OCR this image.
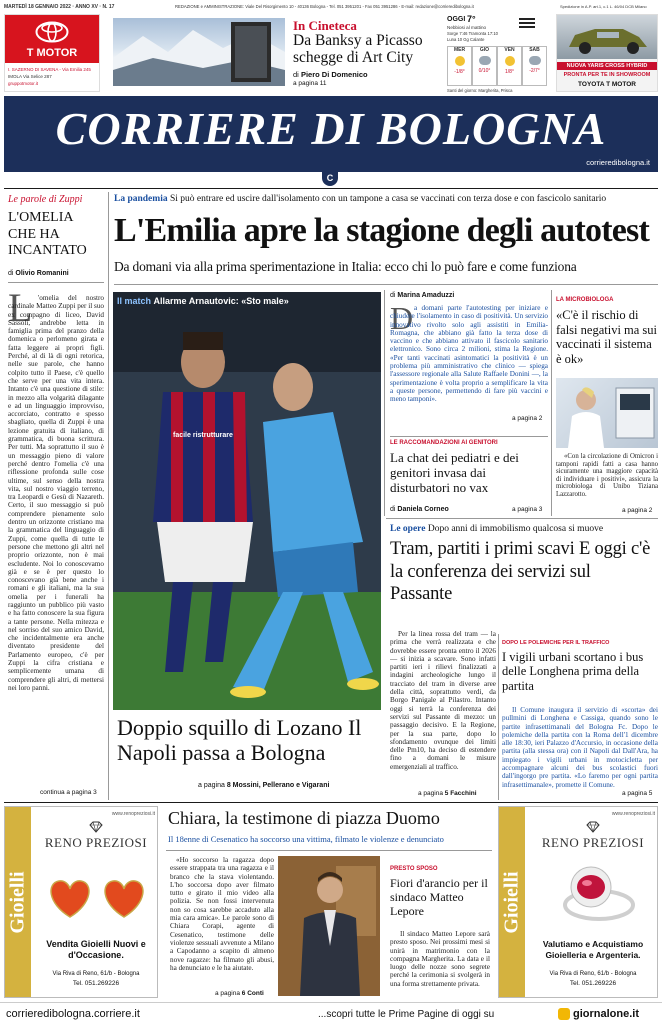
MARTEDÌ 18 GENNAIO 2022 · ANNO XV · N. 17	REDAZIONE e AMMINISTRAZIONE: Viale Del Risorgimento 10 - 40136 Bologna - Tel. 051 3951201 - Fax 051 3951286 - E-mail: redazione@corrieredibologna.it	Spedizione in A.P. art.1, c.1 L. 46/04 DCB Milano
T MOTOR
I. SAZERNO DI SAVENA - Via Emilia 245
IMOLA Via Selice 287
gruppotmotor.it
In Cineteca
Da Banksy a Picasso schegge di Art City
di Piero Di Domenico
a pagina 11
OGGI 7°
Nebbiosi al mattino
Sorge 7:46 Tramonta 17:10
Luna 10 Gg Calante
MER
-1/8°
GIO
0/10°
VEN
1/8°
SAB
-2/7°
Santi del giorno: Margherita, Prisca
NUOVA YARIS CROSS HYBRID
PRONTA PER TE IN SHOWROOM
TOYOTA T MOTOR
CORRIERE DI BOLOGNA
corrieredibologna.it
C
Le parole di Zuppi
L'OMELIA CHE HA INCANTATO
di Olivio Romanini
L 'omelia del nostro cardinale Matteo Zuppi per il suo ex compagno di liceo, David Sassoli, andrebbe letta in famiglia prima del pranzo della domenica o perlomeno girata e fatta leggere ai propri figli. Perché, al di là di ogni retorica, nelle sue parole, che hanno colpito tutto il Paese, c'è quello che serve per una vita intera. Intanto c'è una questione di stile: in mezzo alla volgarità dilagante e ad un linguaggio improvviso, accorciato, contratto e spesso sbagliato, quella di Zuppi è una lezione gratuita di italiano, di grammatica, di buona scrittura. Per tutti. Ma soprattutto il suo è un messaggio pieno di valore perché dentro l'omelia c'è una riflessione profonda sulle cose ultime, sul senso della nostra vita, sul nostro viaggio terreno, tra Leopardi e Gesù di Nazareth. Certo, il suo messaggio si può comprendere pienamente solo dentro un orizzonte cristiano ma la grammatica del linguaggio di Zuppi, come quella di tutte le persone che mettono gli altri nel proprio orizzonte, non è mai escludente. Noi lo conoscevamo già e se è per questo lo conoscevano già bene anche i romani e gli italiani, ma la sua omelia per i funerali ha raggiunto un pubblico più vasto e ha fatto conoscere la sua figura a tante persone. Nella mitezza e nel sorriso del suo amico David, che incidentalmente era anche diventato presidente del Parlamento europeo, c'è per Zuppi la cifra cristiana e semplicemente umana di comprendere gli altri, di mettersi nei loro panni.
continua a pagina 3
La pandemia Si può entrare ed uscire dall'isolamento con un tampone a casa se vaccinati con terza dose e con fascicolo sanitario
L'Emilia apre la stagione degli autotest
Da domani via alla prima sperimentazione in Italia: ecco chi lo può fare e come funziona
Il match Allarme Arnautovic: «Sto male»
facile ristrutturare
Doppio squillo di Lozano Il Napoli passa a Bologna
a pagina 8 Mossini, Pellerano e Vigarani
di Marina Amaduzzi
D a domani parte l'autotesting per iniziare e chiudere l'isolamento in caso di positività. Un servizio innovativo rivolto solo agli assistiti in Emilia-Romagna, che abbiano già fatto la terza dose di vaccino e che abbiano attivato il fascicolo sanitario elettronico. Sono circa 2 milioni, stima la Regione. «Per tanti vaccinati asintomatici la positività è un problema più amministrativo che clinico — spiega l'assessore regionale alla Salute Raffaele Donini —, la sperimentazione è volta proprio a semplificare la vita a queste persone, permettendo di fare più vaccini e meno tamponi».
a pagina 2
LE RACCOMANDAZIONI AI GENITORI
La chat dei pediatri e dei genitori invasa dai disturbatori no vax
di Daniela Corneo	a pagina 3
LA MICROBIOLOGA
«C'è il rischio di falsi negativi ma sui vaccinati il sistema è ok»
«Con la circolazione di Omicron i tamponi rapidi fatti a casa hanno sicuramente una maggiore capacità di individuare i positivi», assicura la microbiologa di Unibo Tiziana Lazzarotto.
a pagina 2
Le opere Dopo anni di immobilismo qualcosa si muove
Tram, partiti i primi scavi E oggi c'è la conferenza dei servizi sul Passante
Per la linea rossa del tram — la prima che verrà realizzata e che dovrebbe essere pronta entro il 2026 — si inizia a scavare. Sono infatti partiti ieri i rilievi finalizzati a indagini archeologiche lungo il tracciato del tram in diverse aree della città, soprattutto verdi, da Borgo Panigale al Pilastro. Intanto oggi si terrà la conferenza dei servizi sul Passante di mezzo: un passaggio decisivo. E la Regione, per la sua parte, dopo lo sfondamento ovunque dei limiti delle Pm10, ha deciso di estendere fino a domani le misure emergenziali al traffico.
a pagina 5 Facchini
DOPO LE POLEMICHE PER IL TRAFFICO
I vigili urbani scortano i bus delle Longhena prima della partita
Il Comune inaugura il servizio di «scorta» dei pullmini di Longhena e Cassiga, quando sono le partite infrasettimanali del Bologna Fc. Dopo le polemiche della partita con la Roma dell'1 dicembre alle 18:30, ieri Palazzo d'Accursio, in occasione della partita (alla stessa ora) con il Napoli dal Dall'Ara, ha impiegato i vigili urbani in motocicletta per accompagnare alcuni dei bus scolastici fuori dall'ingorgo pre partita. «Lo faremo per ogni partita infrasettimanale», promette il Comune.
a pagina 5
Gioielli
www.renopreziosi.it
RENO PREZIOSI
Vendita Gioielli Nuovi e d'Occasione.
Via Riva di Reno, 61/b - Bologna
Tel. 051.269226
Chiara, la testimone di piazza Duomo
Il 18enne di Cesenatico ha soccorso una vittima, filmato le violenze e denunciato
«Ho soccorso la ragazza dopo essere strappata tra una ragazza e il branco che la stava violentando. L'ho soccorsa dopo aver filmato tutto e girato il mio video alla polizia. Se non fossi intervenuta non so cosa sarebbe accaduto alla mia cara amica». Le parole sono di Chiara Corapi, agente di Cesenatico, testimone delle violenze sessuali avvenute a Milano a Capodanno a scapito di almeno nove ragazze: ha filmato gli abusi, ha denunciato e le ha aiutate.
a pagina 6 Conti
PRESTO SPOSO
Fiori d'arancio per il sindaco Matteo Lepore
Il sindaco Matteo Lepore sarà presto sposo. Nei prossimi mesi si unirà in matrimonio con la compagna Margherita. La data e il luogo delle nozze sono segrete perché la cerimonia si svolgerà in una forma strettamente privata.
Gioielli
www.renopreziosi.it
RENO PREZIOSI
Valutiamo e Acquistiamo Gioielleria e Argenteria.
Via Riva di Reno, 61/b - Bologna
Tel. 051.269226
corrieredibologna.corriere.it	...scopri tutte le Prime Pagine di oggi su	giornalone.it
